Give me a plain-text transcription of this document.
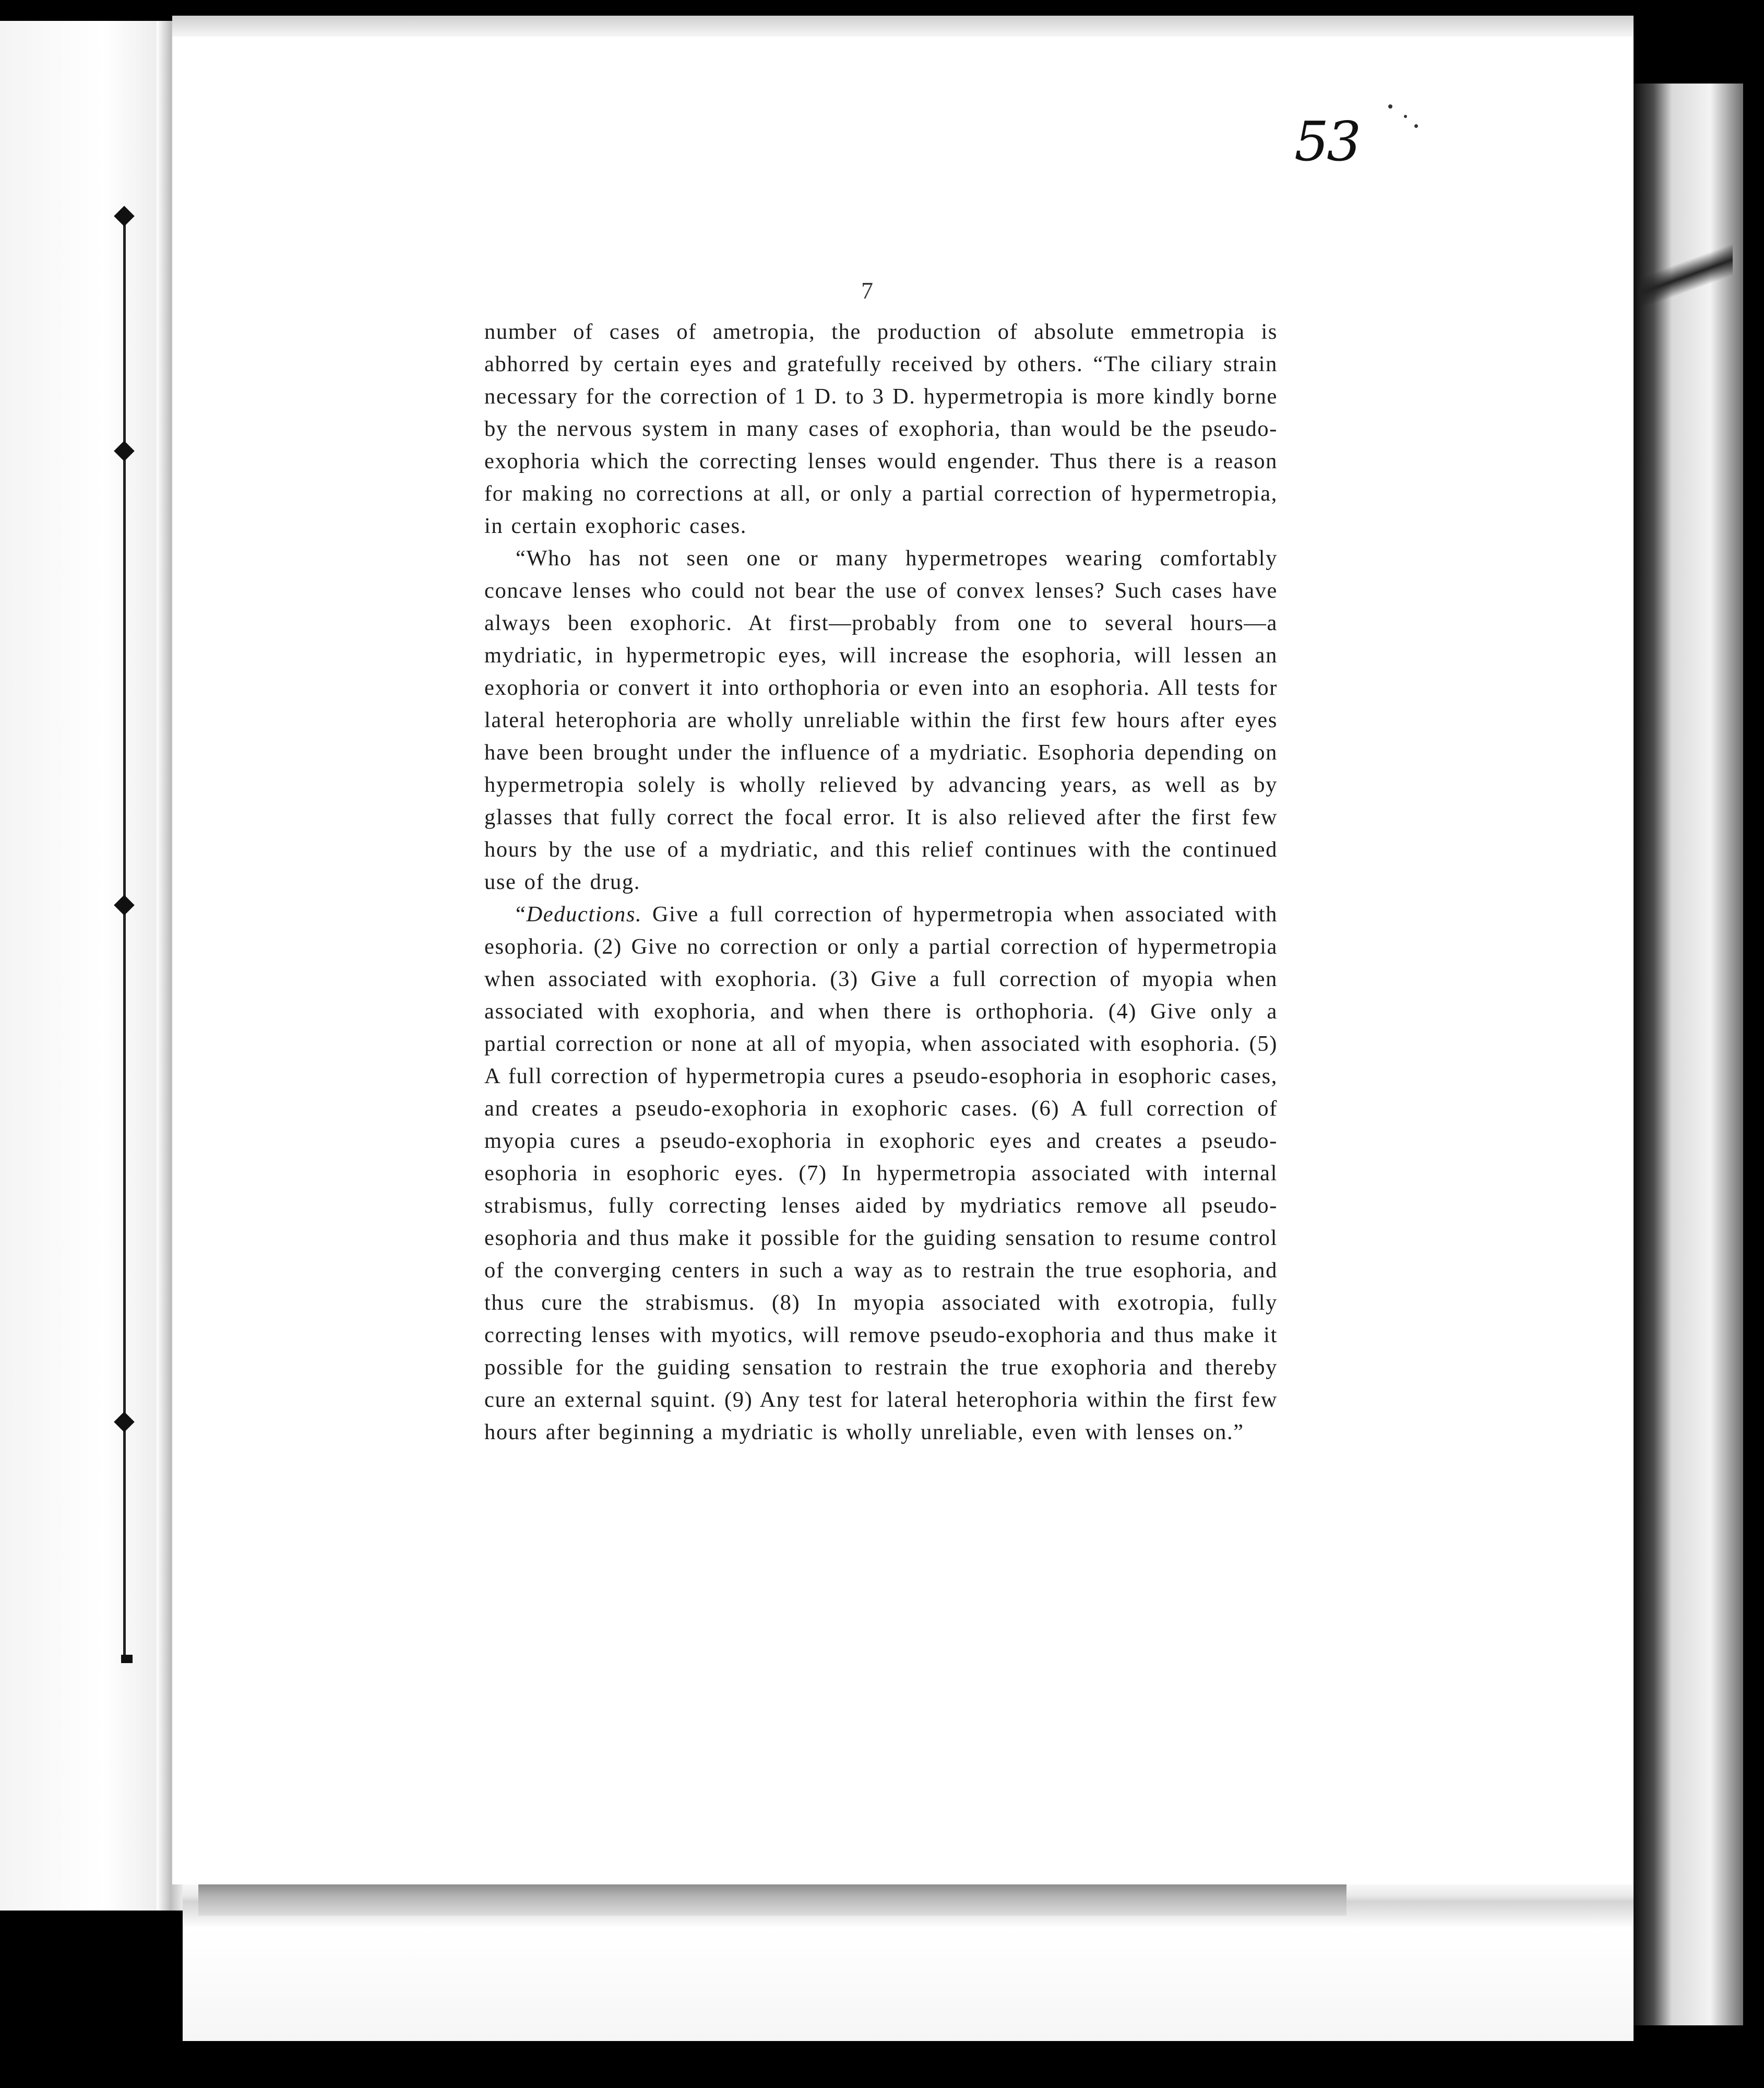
53
7

number of cases of ametropia, the production of absolute emmetropia is abhorred by certain eyes and gratefully received by others. “The ciliary strain necessary for the correction of 1 D. to 3 D. hypermetropia is more kindly borne by the nervous system in many cases of exophoria, than would be the pseudo-exophoria which the correcting lenses would engender. Thus there is a reason for making no corrections at all, or only a partial correction of hypermetropia, in certain exophoric cases.

“Who has not seen one or many hypermetropes wearing comfortably concave lenses who could not bear the use of convex lenses? Such cases have always been exophoric. At first—probably from one to several hours—a mydriatic, in hypermetropic eyes, will increase the esophoria, will lessen an exophoria or convert it into orthophoria or even into an esophoria. All tests for lateral heterophoria are wholly unreliable within the first few hours after eyes have been brought under the influence of a mydriatic. Esophoria depending on hypermetropia solely is wholly relieved by advancing years, as well as by glasses that fully correct the focal error. It is also relieved after the first few hours by the use of a mydriatic, and this relief continues with the continued use of the drug.

“Deductions. Give a full correction of hypermetropia when associated with esophoria. (2) Give no correction or only a partial correction of hypermetropia when associated with exophoria. (3) Give a full correction of myopia when associated with exophoria, and when there is orthophoria. (4) Give only a partial correction or none at all of myopia, when associated with esophoria. (5) A full correction of hypermetropia cures a pseudo-esophoria in esophoric cases, and creates a pseudo-exophoria in exophoric cases. (6) A full correction of myopia cures a pseudo-exophoria in exophoric eyes and creates a pseudo-esophoria in esophoric eyes. (7) In hypermetropia associated with internal strabismus, fully correcting lenses aided by mydriatics remove all pseudo-esophoria and thus make it possible for the guiding sensation to resume control of the converging centers in such a way as to restrain the true esophoria, and thus cure the strabismus. (8) In myopia associated with exotropia, fully correcting lenses with myotics, will remove pseudo-exophoria and thus make it possible for the guiding sensation to restrain the true exophoria and thereby cure an external squint. (9) Any test for lateral heterophoria within the first few hours after beginning a mydriatic is wholly unreliable, even with lenses on.”
